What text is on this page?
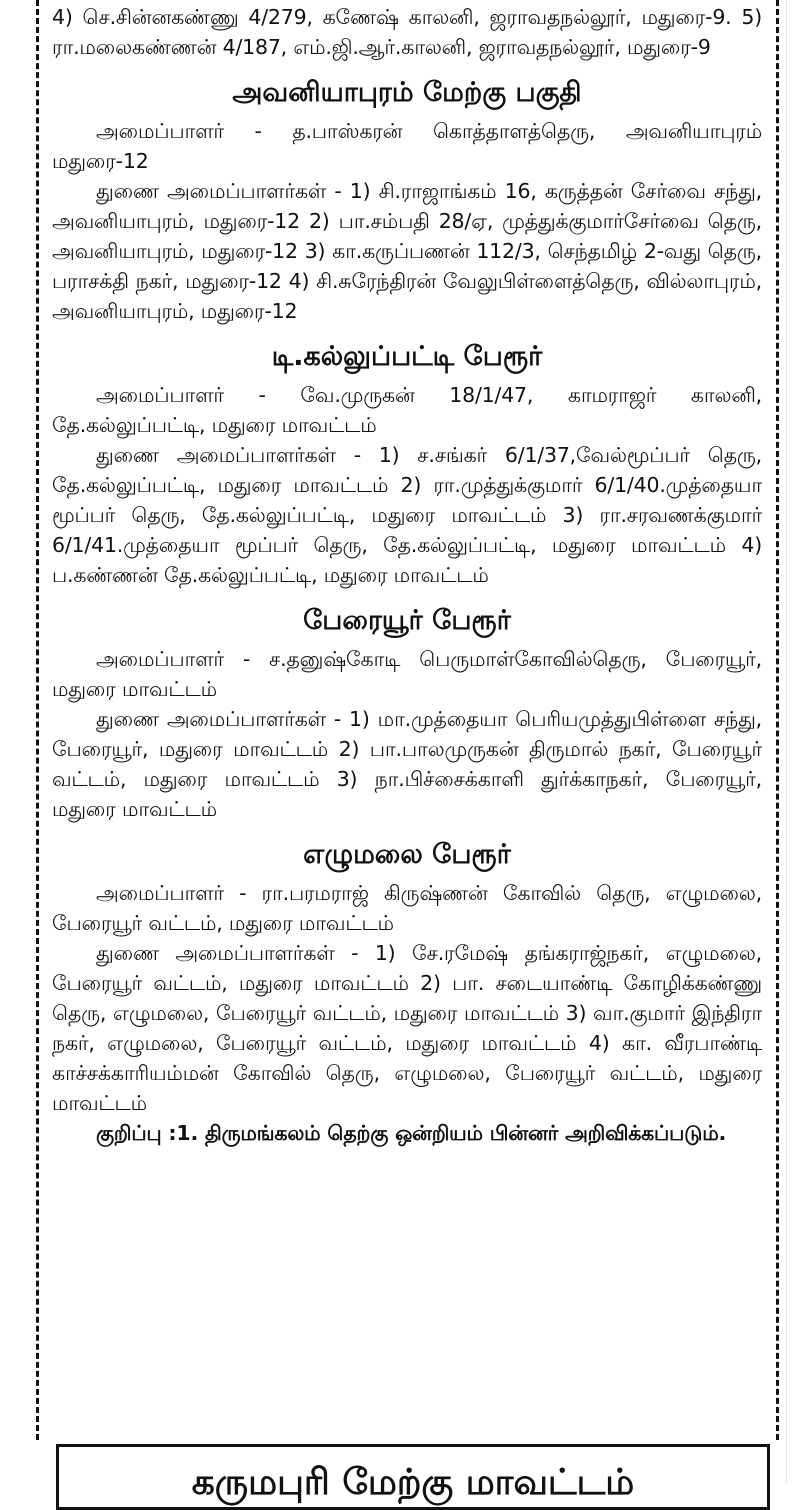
4) செ.சின்னகண்ணு 4/279, கணேஷ் காலனி, ஜராவதநல்லூர், மதுரை-9. 5) ரா.மலைகண்ணன் 4/187, எம்.ஜி.ஆர்.காலனி, ஜராவதநல்லூர், மதுரை-9

அவனியாபுரம் மேற்கு பகுதி

அமைப்பாளர் - த.பாஸ்கரன் கொத்தாளத்தெரு, அவனியாபுரம் மதுரை-12

துணை அமைப்பாளர்கள் - 1) சி.ராஜாங்கம் 16, கருத்தன் சேர்வை சந்து, அவனியாபுரம், மதுரை-12 2) பா.சம்பதி 28/ஏ, முத்துக்குமார்சேர்வை தெரு, அவனியாபுரம், மதுரை-12 3) கா.கருப்பணன் 112/3, செந்தமிழ் 2-வது தெரு, பராசக்தி நகர், மதுரை-12 4) சி.சுரேந்திரன் வேலுபிள்ளைத்தெரு, வில்லாபுரம், அவனியாபுரம், மதுரை-12

டி.கல்லுப்பட்டி பேரூர்

அமைப்பாளர் - வே.முருகன் 18/1/47, காமராஜர் காலனி, தே.கல்லுப்பட்டி, மதுரை மாவட்டம்

துணை அமைப்பாளர்கள் - 1) ச.சங்கர் 6/1/37,வேல்மூப்பர் தெரு, தே.கல்லுப்பட்டி, மதுரை மாவட்டம் 2) ரா.முத்துக்குமார் 6/1/40.முத்தையா மூப்பர் தெரு, தே.கல்லுப்பட்டி, மதுரை மாவட்டம் 3) ரா.சரவணக்குமார் 6/1/41.முத்தையா மூப்பர் தெரு, தே.கல்லுப்பட்டி, மதுரை மாவட்டம் 4) ப.கண்ணன் தே.கல்லுப்பட்டி, மதுரை மாவட்டம்

பேரையூர் பேரூர்

அமைப்பாளர் - ச.தனுஷ்கோடி பெருமாள்கோவில்தெரு, பேரையூர், மதுரை மாவட்டம்

துணை அமைப்பாளர்கள் - 1) மா.முத்தையா பெரியமுத்துபிள்ளை சந்து, பேரையூர், மதுரை மாவட்டம் 2) பா.பாலமுருகன் திருமால் நகர், பேரையூர் வட்டம், மதுரை மாவட்டம் 3) நா.பிச்சைக்காளி துர்க்காநகர், பேரையூர், மதுரை மாவட்டம்

எழுமலை பேரூர்

அமைப்பாளர் - ரா.பரமராஜ் கிருஷ்ணன் கோவில் தெரு, எழுமலை, பேரையூர் வட்டம், மதுரை மாவட்டம்

துணை அமைப்பாளர்கள் - 1) சே.ரமேஷ் தங்கராஜ்நகர், எழுமலை, பேரையூர் வட்டம், மதுரை மாவட்டம் 2) பா. சடையாண்டி கோழிக்கண்ணு தெரு, எழுமலை, பேரையூர் வட்டம், மதுரை மாவட்டம் 3) வா.குமார் இந்திரா நகர், எழுமலை, பேரையூர் வட்டம், மதுரை மாவட்டம் 4) கா. வீரபாண்டி காச்சக்காரியம்மன் கோவில் தெரு, எழுமலை, பேரையூர் வட்டம், மதுரை மாவட்டம்

குறிப்பு :1. திருமங்கலம் தெற்கு ஒன்றியம் பின்னர் அறிவிக்கப்படும்.

கருமபுரி மேற்கு மாவட்டம்
